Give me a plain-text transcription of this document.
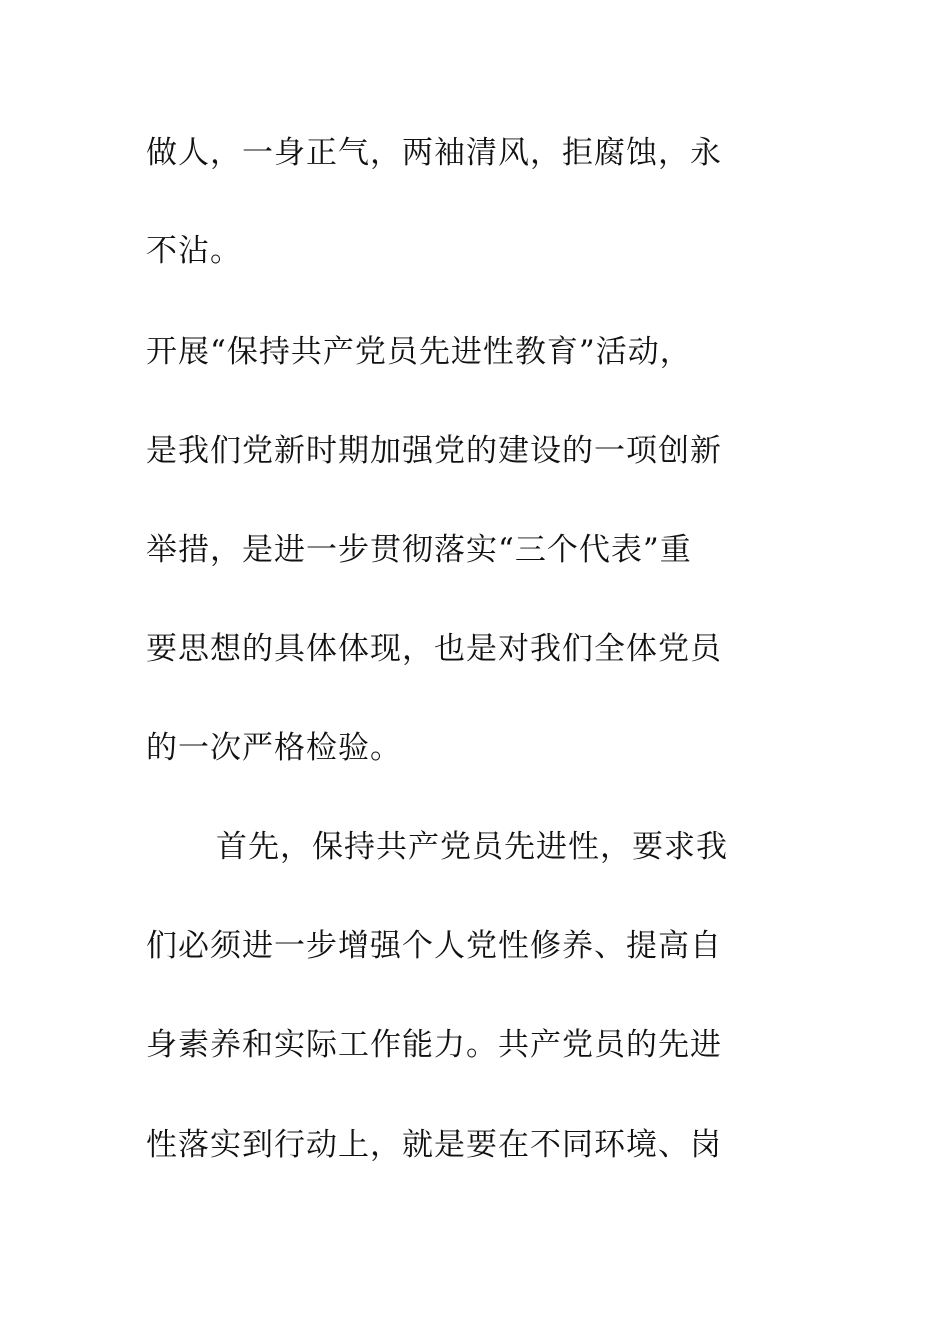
做人，一身正气，两袖清风，拒腐蚀，永
不沾。
开展“保持共产党员先进性教育”活动，
是我们党新时期加强党的建设的一项创新
举措，是进一步贯彻落实“三个代表”重
要思想的具体体现，也是对我们全体党员
的一次严格检验。
首先，保持共产党员先进性，要求我
们必须进一步增强个人党性修养、提高自
身素养和实际工作能力。共产党员的先进
性落实到行动上，就是要在不同环境、岗
